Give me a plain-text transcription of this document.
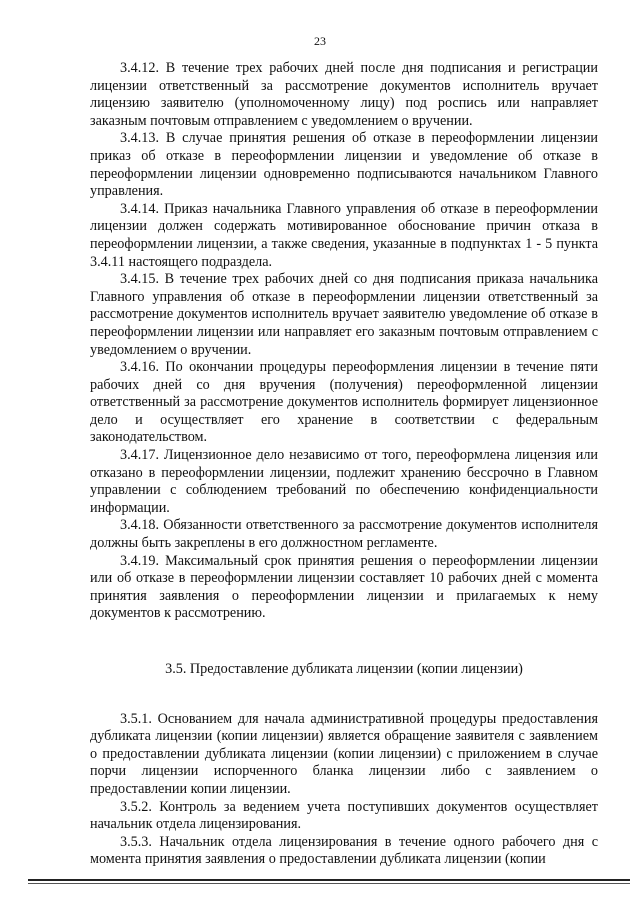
23

3.4.12. В течение трех рабочих дней после дня подписания и регистрации лицензии ответственный за рассмотрение документов исполнитель вручает лицензию заявителю (уполномоченному лицу) под роспись или направляет заказным почтовым отправлением с уведомлением о вручении.

3.4.13. В случае принятия решения об отказе в переоформлении лицензии приказ об отказе в переоформлении лицензии и уведомление об отказе в переоформлении лицензии одновременно подписываются начальником Главного управления.

3.4.14. Приказ начальника Главного управления об отказе в переоформлении лицензии должен содержать мотивированное обоснование причин отказа в переоформлении лицензии, а также сведения, указанные в подпунктах 1 - 5 пункта 3.4.11 настоящего подраздела.

3.4.15. В течение трех рабочих дней со дня подписания приказа начальника Главного управления об отказе в переоформлении лицензии ответственный за рассмотрение документов исполнитель вручает заявителю уведомление об отказе в переоформлении лицензии или направляет его заказным почтовым отправлением с уведомлением о вручении.

3.4.16. По окончании процедуры переоформления лицензии в течение пяти рабочих дней со дня вручения (получения) переоформленной лицензии ответственный за рассмотрение документов исполнитель формирует лицензионное дело и осуществляет его хранение в соответствии с федеральным законодательством.

3.4.17. Лицензионное дело независимо от того, переоформлена лицензия или отказано в переоформлении лицензии, подлежит хранению бессрочно в Главном управлении с соблюдением требований по обеспечению конфиденциальности информации.

3.4.18. Обязанности ответственного за рассмотрение документов исполнителя должны быть закреплены в его должностном регламенте.

3.4.19. Максимальный срок принятия решения о переоформлении лицензии или об отказе в переоформлении лицензии составляет 10 рабочих дней с момента принятия заявления о переоформлении лицензии и прилагаемых к нему документов к рассмотрению.

3.5. Предоставление дубликата лицензии (копии лицензии)

3.5.1. Основанием для начала административной процедуры предоставления дубликата лицензии (копии лицензии) является обращение заявителя с заявлением о предоставлении дубликата лицензии (копии лицензии) с приложением в случае порчи лицензии испорченного бланка лицензии либо с заявлением о предоставлении копии лицензии.

3.5.2. Контроль за ведением учета поступивших документов осуществляет начальник отдела лицензирования.

3.5.3. Начальник отдела лицензирования в течение одного рабочего дня с момента принятия заявления о предоставлении дубликата лицензии (копии
